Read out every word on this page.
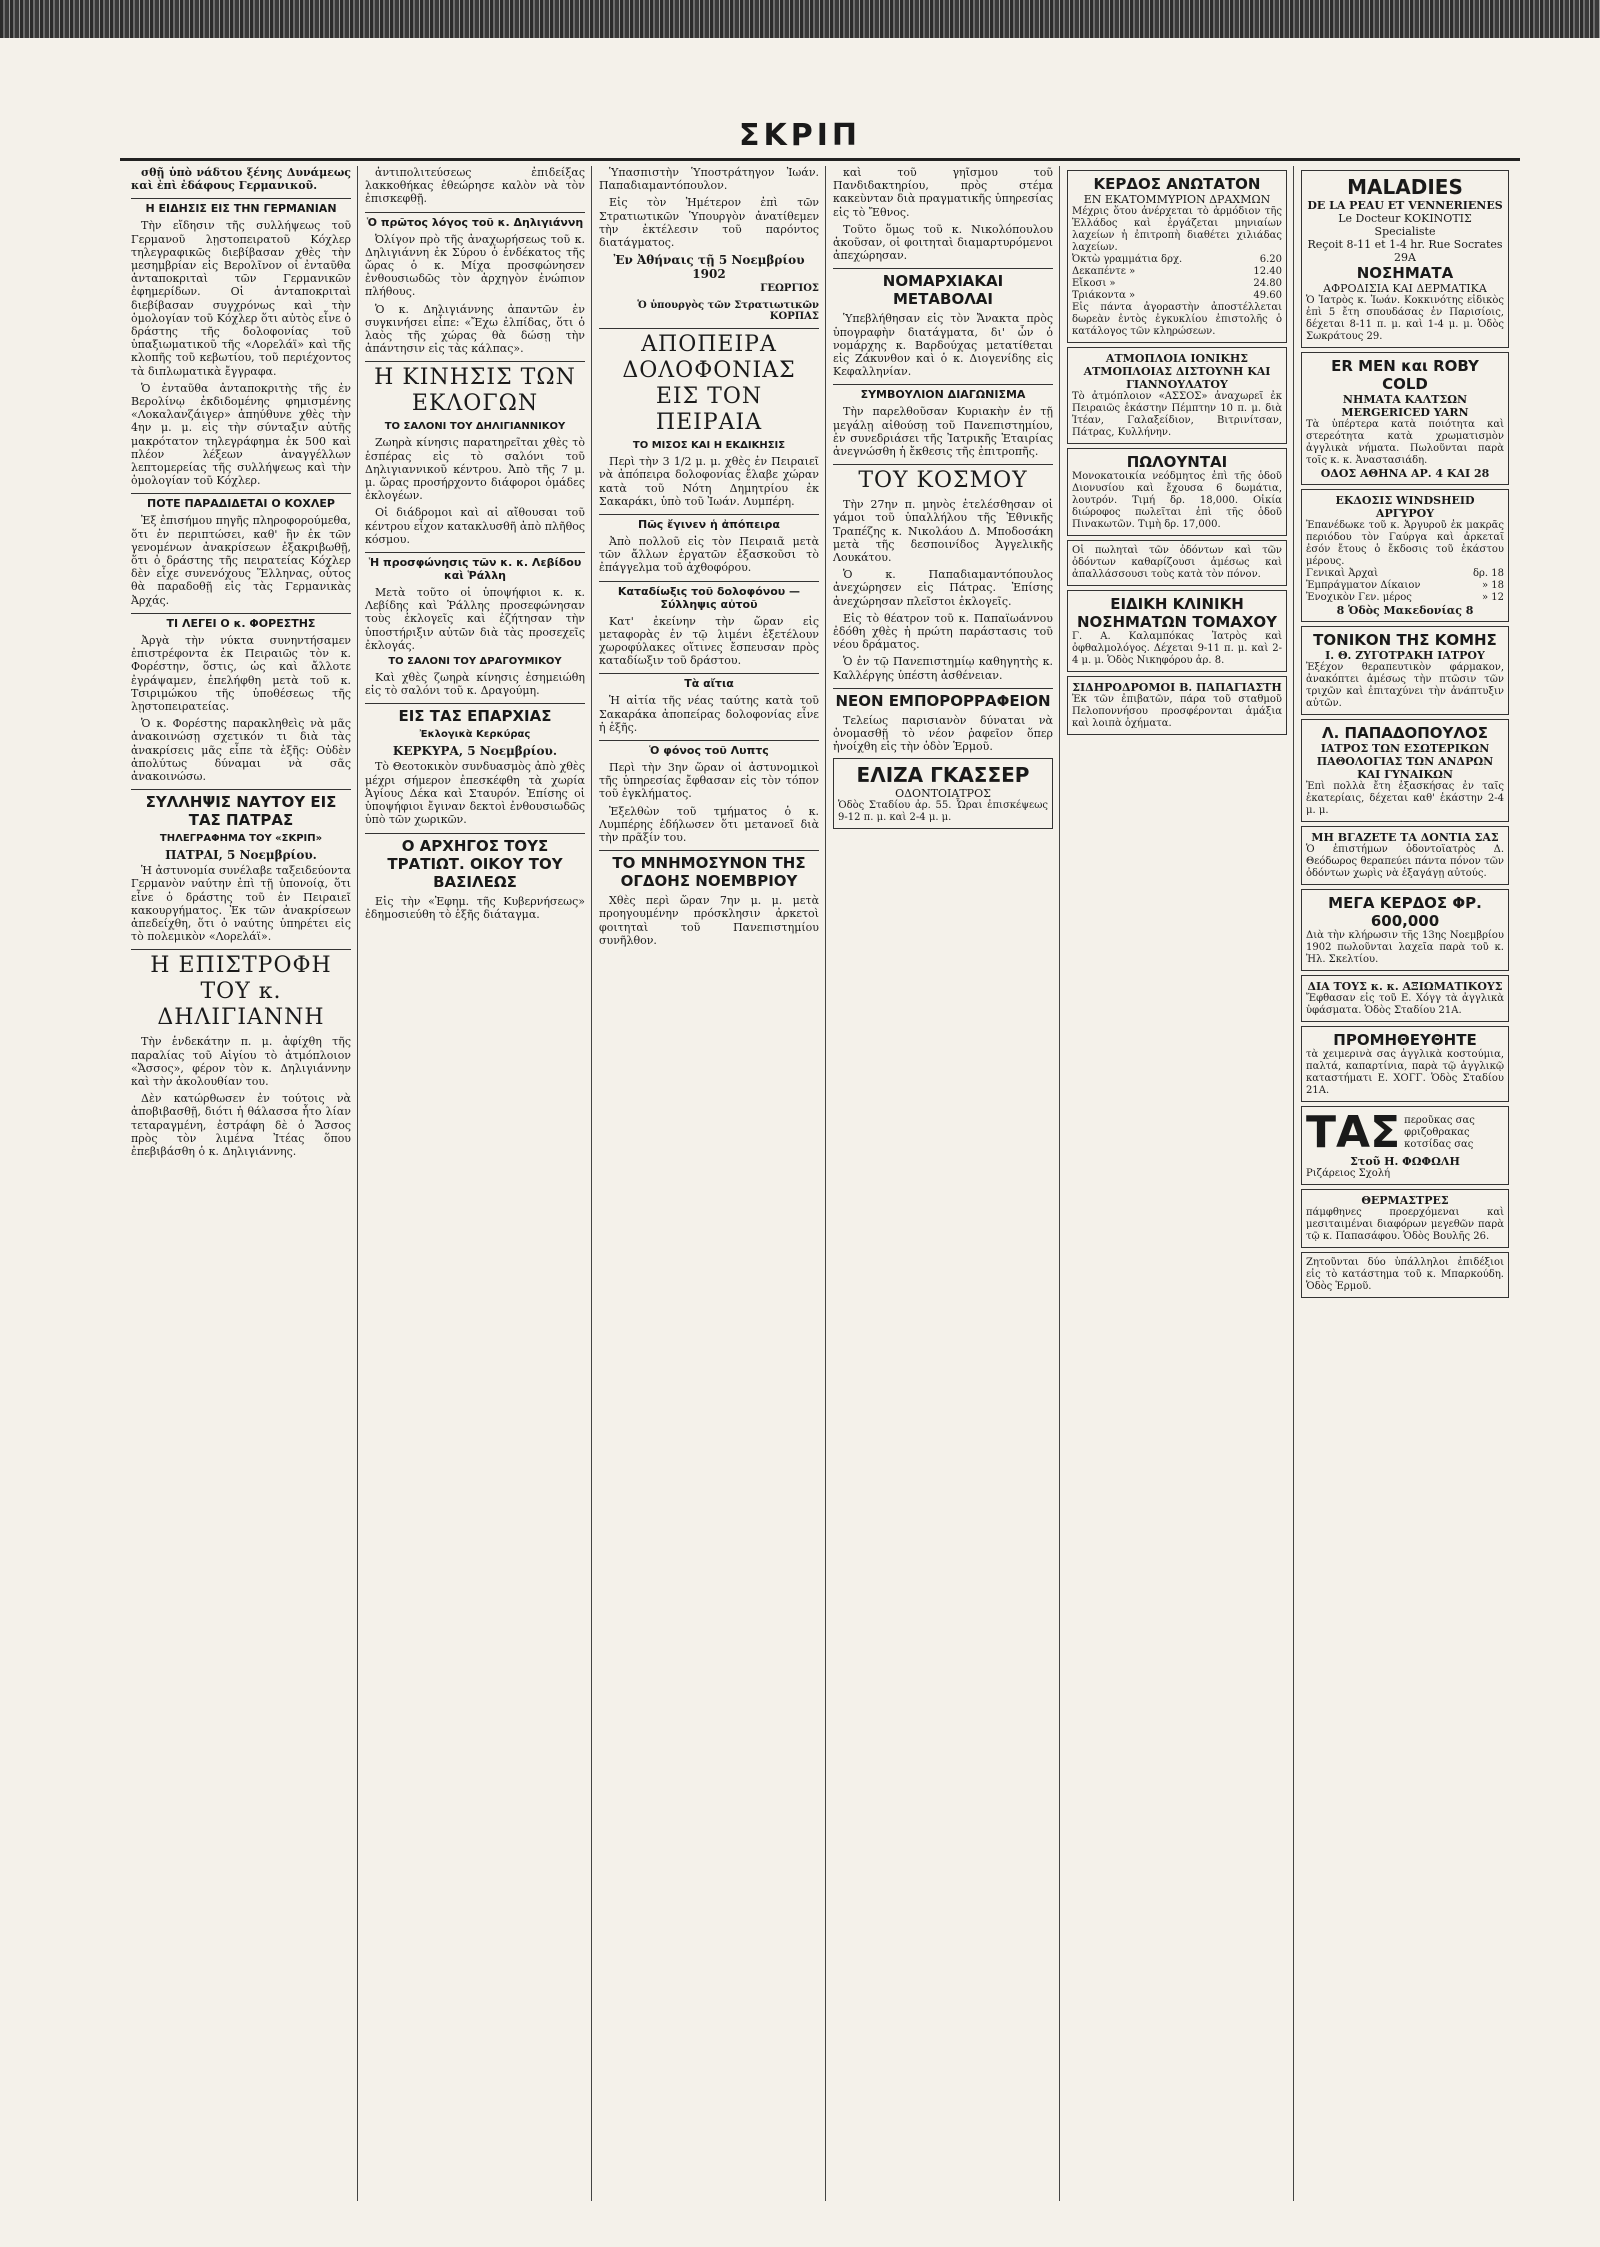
ΣΚΡΙΠ

σθῇ ὑπὸ νάδτου ξένης Δυνάμεως καὶ ἐπὶ ἐδάφους Γερμανικοῦ.

Η ΕΙΔΗΣΙΣ ΕΙΣ ΤΗΝ ΓΕΡΜΑΝΙΑΝ

Τὴν εἴδησιν τῆς συλλήψεως τοῦ Γερμανοῦ λῃστοπειρατοῦ Κόχλερ τηλεγραφικῶς διεβίβασαν χθὲς τὴν μεσημβρίαν εἰς Βερολῖνον οἱ ἐνταῦθα ἀνταποκριταὶ τῶν Γερμανικῶν ἐφημερίδων. Οἱ ἀνταποκριταὶ διεβίβασαν συγχρόνως καὶ τὴν ὁμολογίαν τοῦ Κόχλερ ὅτι αὐτὸς εἶνε ὁ δράστης τῆς δολοφονίας τοῦ ὑπαξιωματικοῦ τῆς «Λορελάϊ» καὶ τῆς κλοπῆς τοῦ κεβωτίου, τοῦ περιέχοντος τὰ διπλωματικὰ ἔγγραφα.

Ὁ ἐνταῦθα ἀνταποκριτὴς τῆς ἐν Βερολίνῳ ἐκδιδομένης φημισμένης «Λοκαλανζάιγερ» ἀπηύθυνε χθὲς τὴν 4ην μ. μ. εἰς τὴν σύνταξιν αὐτῆς μακρότατον τηλεγράφημα ἐκ 500 καὶ πλέον λέξεων ἀναγγέλλων λεπτομερείας τῆς συλλήψεως καὶ τὴν ὁμολογίαν τοῦ Κόχλερ.

ΠΟΤΕ ΠΑΡΑΔΙΔΕΤΑΙ Ο ΚΟΧΛΕΡ

Ἐξ ἐπισήμου πηγῆς πληροφορούμεθα, ὅτι ἐν περιπτώσει, καθ' ἣν ἐκ τῶν γενομένων ἀνακρίσεων ἐξακριβωθῇ, ὅτι ὁ δράστης τῆς πειρατείας Κόχλερ δὲν εἶχε συνενόχους Ἕλληνας, οὗτος θὰ παραδοθῇ εἰς τὰς Γερμανικὰς Ἀρχάς.

ΤΙ ΛΕΓΕΙ Ο κ. ΦΟΡΕΣΤΗΣ

Ἀργὰ τὴν νύκτα συνηντήσαμεν ἐπιστρέφοντα ἐκ Πειραιῶς τὸν κ. Φορέστην, ὅστις, ὡς καὶ ἄλλοτε ἐγράψαμεν, ἐπελήφθη μετὰ τοῦ κ. Τσιριμώκου τῆς ὑποθέσεως τῆς λῃστοπειρατείας.

Ὁ κ. Φορέστης παρακληθεὶς νὰ μᾶς ἀνακοινώσῃ σχετικόν τι διὰ τὰς ἀνακρίσεις μᾶς εἶπε τὰ ἑξῆς: Οὐδὲν ἀπολύτως δύναμαι νὰ σᾶς ἀνακοινώσω.

ΣΥΛΛΗΨΙΣ ΝΑΥΤΟΥ ΕΙΣ ΤΑΣ ΠΑΤΡΑΣ
ΤΗΛΕΓΡΑΦΗΜΑ ΤΟΥ «ΣΚΡΙΠ»
ΠΑΤΡΑΙ, 5 Νοεμβρίου.

Ἡ ἀστυνομία συνέλαβε ταξειδεύοντα Γερμανὸν ναύτην ἐπὶ τῇ ὑπονοίᾳ, ὅτι εἶνε ὁ δράστης τοῦ ἐν Πειραιεῖ κακουργήματος. Ἐκ τῶν ἀνακρίσεων ἀπεδείχθη, ὅτι ὁ ναύτης ὑπηρέτει εἰς τὸ πολεμικὸν «Λορελάϊ».

Η ΕΠΙΣΤΡΟΦΗ ΤΟΥ κ. ΔΗΛΙΓΙΑΝΝΗ

Τὴν ἑνδεκάτην π. μ. ἀφίχθη τῆς παραλίας τοῦ Αἰγίου τὸ ἀτμόπλοιον «Ἄσσος», φέρον τὸν κ. Δηλιγιάννην καὶ τὴν ἀκολουθίαν του.

Δὲν κατώρθωσεν ἐν τούτοις νὰ ἀποβιβασθῇ, διότι ἡ θάλασσα ἦτο λίαν τεταραγμένη, ἐστράφη δὲ ὁ Ἄσσος πρὸς τὸν λιμένα Ἰτέας ὅπου ἐπεβιβάσθη ὁ κ. Δηλιγιάννης.

ἀντιπολιτεύσεως ἐπιδείξας λακκοθήκας ἐθεώρησε καλὸν νὰ τὸν ἐπισκεφθῇ.

Ὁ πρῶτος λόγος τοῦ κ. Δηλιγιάννη

Ὀλίγον πρὸ τῆς ἀναχωρήσεως τοῦ κ. Δηλιγιάννη ἐκ Σύρου ὁ ἑνδέκατος τῆς ὥρας ὁ κ. Μίχα προσφώνησεν ἐνθουσιωδῶς τὸν ἀρχηγὸν ἐνώπιον πλήθους.

Ὁ κ. Δηλιγιάννης ἀπαντῶν ἐν συγκινήσει εἶπε: «Ἔχω ἐλπίδας, ὅτι ὁ λαὸς τῆς χώρας θὰ δώσῃ τὴν ἀπάντησιν εἰς τὰς κάλπας».

Η ΚΙΝΗΣΙΣ ΤΩΝ ΕΚΛΟΓΩΝ
ΤΟ ΣΑΛΟΝΙ ΤΟΥ ΔΗΛΙΓΙΑΝΝΙΚΟΥ

Ζωηρὰ κίνησις παρατηρεῖται χθὲς τὸ ἑσπέρας εἰς τὸ σαλόνι τοῦ Δηλιγιαννικοῦ κέντρου. Ἀπὸ τῆς 7 μ. μ. ὥρας προσήρχοντο διάφοροι ὁμάδες ἐκλογέων.

Οἱ διάδρομοι καὶ αἱ αἴθουσαι τοῦ κέντρου εἶχον κατακλυσθῆ ἀπὸ πλῆθος κόσμου.

Ἡ προσφώνησις τῶν κ. κ. Λεβίδου καὶ Ῥάλλη

Μετὰ τοῦτο οἱ ὑποψήφιοι κ. κ. Λεβίδης καὶ Ῥάλλης προσεφώνησαν τοὺς ἐκλογεῖς καὶ ἐζήτησαν τὴν ὑποστήριξιν αὐτῶν διὰ τὰς προσεχεῖς ἐκλογάς.

ΤΟ ΣΑΛΟΝΙ ΤΟΥ ΔΡΑΓΟΥΜΙΚΟΥ

Καὶ χθὲς ζωηρὰ κίνησις ἐσημειώθη εἰς τὸ σαλόνι τοῦ κ. Δραγούμη.

ΕΙΣ ΤΑΣ ΕΠΑΡΧΙΑΣ
Ἐκλογικὰ Κερκύρας
ΚΕΡΚΥΡΑ, 5 Νοεμβρίου.

Τὸ Θεοτοκικὸν συνδυασμὸς ἀπὸ χθὲς μέχρι σήμερον ἐπεσκέφθη τὰ χωρία Ἁγίους Δέκα καὶ Σταυρόν. Ἐπίσης οἱ ὑποψήφιοι ἔγιναν δεκτοὶ ἐνθουσιωδῶς ὑπὸ τῶν χωρικῶν.

Ο ΑΡΧΗΓΟΣ ΤΟΥΣ ΤΡΑΤΙΩΤ. ΟΙΚΟΥ ΤΟΥ ΒΑΣΙΛΕΩΣ

Εἰς τὴν «Ἐφημ. τῆς Κυβερνήσεως» ἐδημοσιεύθη τὸ ἑξῆς διάταγμα.

Ὑπασπιστὴν Ὑποστράτηγον Ἰωάν. Παπαδιαμαντόπουλον.

Εἰς τὸν Ἡμέτερον ἐπὶ τῶν Στρατιωτικῶν Ὑπουργὸν ἀνατίθεμεν τὴν ἐκτέλεσιν τοῦ παρόντος διατάγματος.

Ἐν Ἀθήναις τῇ 5 Νοεμβρίου 1902
ΓΕΩΡΓΙΟΣ
Ὁ ὑπουργὸς τῶν Στρατιωτικῶν ΚΟΡΠΑΣ
ΑΠΟΠΕΙΡΑ ΔΟΛΟΦΟΝΙΑΣ ΕΙΣ ΤΟΝ ΠΕΙΡΑΙΑ
ΤΟ ΜΙΣΟΣ ΚΑΙ Η ΕΚΔΙΚΗΣΙΣ

Περὶ τὴν 3 1/2 μ. μ. χθὲς ἐν Πειραιεῖ νὰ ἀπόπειρα δολοφονίας ἔλαβε χώραν κατὰ τοῦ Νότη Δημητρίου ἐκ Σακαράκι, ὑπὸ τοῦ Ἰωάν. Λυμπέρη.

Πῶς ἔγινεν ἡ ἀπόπειρα

Ἀπὸ πολλοῦ εἰς τὸν Πειραιᾶ μετὰ τῶν ἄλλων ἐργατῶν ἐξασκοῦσι τὸ ἐπάγγελμα τοῦ ἀχθοφόρου.

Καταδίωξις τοῦ δολοφόνου — Σύλληψις αὐτοῦ

Κατ' ἐκείνην τὴν ὥραν εἰς μεταφορὰς ἐν τῷ λιμένι ἐξετέλουν χωροφύλακες οἵτινες ἔσπευσαν πρὸς καταδίωξιν τοῦ δράστου.

Τὰ αἴτια

Ἡ αἰτία τῆς νέας ταύτης κατὰ τοῦ Σακαράκα ἀποπείρας δολοφονίας εἶνε ἡ ἑξῆς.

Ὁ φόνος τοῦ Λυπτς

Περὶ τὴν 3ην ὥραν οἱ ἀστυνομικοὶ τῆς ὑπηρεσίας ἔφθασαν εἰς τὸν τόπον τοῦ ἐγκλήματος.

Ἐξελθὼν τοῦ τμήματος ὁ κ. Λυμπέρης ἐδήλωσεν ὅτι μετανοεῖ διὰ τὴν πρᾶξίν του.

ΤΟ ΜΝΗΜΟΣΥΝΟΝ ΤΗΣ ΟΓΔΟΗΣ ΝΟΕΜΒΡΙΟΥ

Χθὲς περὶ ὥραν 7ην μ. μ. μετὰ προηγουμένην πρόσκλησιν ἀρκετοὶ φοιτηταὶ τοῦ Πανεπιστημίου συνῆλθον.

καὶ τοῦ γηῖσμου τοῦ Πανδιδακτηρίου, πρὸς στέμα κακεὺνταν διὰ πραγματικῆς ὑπηρεσίας εἰς τὸ Ἔθνος.

Τοῦτο ὅμως τοῦ κ. Νικολόπουλου ἀκοῦσαν, οἱ φοιτηταὶ διαμαρτυρόμενοι ἀπεχώρησαν.

ΝΟΜΑΡΧΙΑΚΑΙ ΜΕΤΑΒΟΛΑΙ

Ὑπεβλήθησαν εἰς τὸν Ἄνακτα πρὸς ὑπογραφὴν διατάγματα, δι' ὧν ὁ νομάρχης κ. Βαρδούχας μετατίθεται εἰς Ζάκυνθον καὶ ὁ κ. Διογενίδης εἰς Κεφαλληνίαν.

ΣΥΜΒΟΥΛΙΟΝ ΔΙΑΓΩΝΙΣΜΑ

Τὴν παρελθοῦσαν Κυριακὴν ἐν τῇ μεγάλῃ αἰθούσῃ τοῦ Πανεπιστημίου, ἐν συνεδριάσει τῆς Ἰατρικῆς Ἑταιρίας ἀνεγνώσθη ἡ ἔκθεσις τῆς ἐπιτροπῆς.

ΤΟΥ ΚΟΣΜΟΥ

Τὴν 27ην π. μηνὸς ἐτελέσθησαν οἱ γάμοι τοῦ ὑπαλλήλου τῆς Ἐθνικῆς Τραπέζης κ. Νικολάου Δ. Μποδοσάκη μετὰ τῆς δεσποινίδος Ἀγγελικῆς Λουκάτου.

Ὁ κ. Παπαδιαμαντόπουλος ἀνεχώρησεν εἰς Πάτρας. Ἐπίσης ἀνεχώρησαν πλεῖστοι ἐκλογεῖς.

Εἰς τὸ θέατρον τοῦ κ. Παπαϊωάννου ἐδόθη χθὲς ἡ πρώτη παράστασις τοῦ νέου δράματος.

Ὁ ἐν τῷ Πανεπιστημίῳ καθηγητὴς κ. Καλλέργης ὑπέστη ἀσθένειαν.

ΝΕΟΝ ΕΜΠΟΡΟΡΡΑΦΕΙΟΝ

Τελείως παρισιανὸν δύναται νὰ ὀνομασθῇ τὸ νέον ῥαφεῖον ὅπερ ἠνοίχθη εἰς τὴν ὁδὸν Ἑρμοῦ.

ΕΛΙΖΑ ΓΚΑΣΣΕΡ
ΟΔΟΝΤΟΙΑΤΡΟΣ
Ὁδὸς Σταδίου ἀρ. 55. Ὧραι ἐπισκέψεως 9-12 π. μ. καὶ 2-4 μ. μ.
ΚΕΡΔΟΣ ΑΝΩΤΑΤΟΝ
ΕΝ ΕΚΑΤΟΜΜΥΡΙΟΝ ΔΡΑΧΜΩΝ
Μέχρις ὅτου ἀνέρχεται τὸ ἀρμόδιον τῆς Ἑλλάδος καὶ ἐργάζεται μηνιαίων λαχείων ἡ ἐπιτροπὴ διαθέτει χιλιάδας λαχείων.
Ὀκτὼ γραμμάτια δρχ.	6.20
Δεκαπέντε »	12.40
Εἴκοσι »	24.80
Τριάκοντα »	49.60
Εἰς πάντα ἀγοραστὴν ἀποστέλλεται δωρεὰν ἐντὸς ἐγκυκλίου ἐπιστολῆς ὁ κατάλογος τῶν κληρώσεων.
ΑΤΜΟΠΛΟΙΑ ΙΟΝΙΚΗΣ ΑΤΜΟΠΛΟΙΑΣ ΔΙΣΤΟΥΝΗ ΚΑΙ ΓΙΑΝΝΟΥΛΑΤΟΥ
Τὸ ἀτμόπλοιον «ΑΣΣΟΣ» ἀναχωρεῖ ἐκ Πειραιῶς ἑκάστην Πέμπτην 10 π. μ. διὰ Ἰτέαν, Γαλαξείδιον, Βιτρινίτσαν, Πάτρας, Κυλλήνην.
ΠΩΛΟΥΝΤΑΙ
Μονοκατοικία νεόδμητος ἐπὶ τῆς ὁδοῦ Διονυσίου καὶ ἔχουσα 6 δωμάτια, λουτρόν. Τιμή δρ. 18,000. Οἰκία διώροφος πωλεῖται ἐπὶ τῆς ὁδοῦ Πινακωτῶν. Τιμὴ δρ. 17,000.
Οἱ πωληταὶ τῶν ὀδόντων καὶ τῶν ὀδόντων καθαρίζουσι ἀμέσως καὶ ἀπαλλάσσουσι τοὺς κατὰ τὸν πόνον.
ΕΙΔΙΚΗ ΚΛΙΝΙΚΗ ΝΟΣΗΜΑΤΩΝ ΤΟΜΑΧΟΥ
Γ. Α. Καλαμπόκας Ἰατρὸς καὶ ὀφθαλμολόγος. Δέχεται 9-11 π. μ. καὶ 2-4 μ. μ. Ὁδὸς Νικηφόρου ἀρ. 8.
ΣΙΔΗΡΟΔΡΟΜΟΙ Β. ΠΑΠΑΓΙΑΣΤΗ
Ἐκ τῶν ἐπιβατῶν, πάρα τοῦ σταθμοῦ Πελοποννήσου προσφέρονται ἁμάξια καὶ λοιπὰ ὀχήματα.
MALADIES
DE LA PEAU ET VENNERIENES
Le Docteur ΚΟΚΙΝΟΤΙΣ Specialiste
Reçoit 8-11 et 1-4 hr. Rue Socrates 29A
ΝΟΣΗΜΑΤΑ
ΑΦΡΟΔΙΣΙΑ ΚΑΙ ΔΕΡΜΑΤΙΚΑ
Ὁ Ἰατρὸς κ. Ἰωάν. Κοκκινότης εἰδικὸς ἐπὶ 5 ἔτη σπουδάσας ἐν Παρισίοις, δέχεται 8-11 π. μ. καὶ 1-4 μ. μ. Ὁδὸς Σωκράτους 29.
ER MEN και ROBY COLD
ΝΗΜΑΤΑ ΚΑΛΤΣΩΝ MERGERICED YARN
Τὰ ὑπέρτερα κατὰ ποιότητα καὶ στερεότητα κατὰ χρωματισμὸν ἀγγλικὰ νήματα. Πωλοῦνται παρὰ τοῖς κ. κ. Ἀναστασιάδη.
ΟΔΟΣ ΑΘΗΝΑ ΑΡ. 4 ΚΑΙ 28
ΕΚΔΟΣΙΣ WINDSHEID ΑΡΓΥΡΟΥ
Ἐπανέδωκε τοῦ κ. Ἀργυροῦ ἐκ μακρᾶς περιόδου τὸν Γαύργα καὶ ἀρκεταῖ ἐσόν ἔτους ὁ ἔκδοσις τοῦ ἑκάστου μέρους.
Γενικαὶ Ἀρχαὶ	δρ. 18
Ἐμπράγματον Δίκαιον	» 18
Ἐνοχικὸν Γεν. μέρος	» 12
8 Ὁδὸς Μακεδονίας 8
ΤΟΝΙΚΟΝ ΤΗΣ ΚΟΜΗΣ
Ι. Θ. ΖΥΓΟΤΡΑΚΗ ΙΑΤΡΟΥ
Ἐξέχον θεραπευτικὸν φάρμακον, ἀνακόπτει ἀμέσως τὴν πτῶσιν τῶν τριχῶν καὶ ἐπιταχύνει τὴν ἀνάπτυξιν αὐτῶν.
Λ. ΠΑΠΑΔΟΠΟΥΛΟΣ
ΙΑΤΡΟΣ ΤΩΝ ΕΣΩΤΕΡΙΚΩΝ ΠΑΘΟΛΟΓΙΑΣ ΤΩΝ ΑΝΔΡΩΝ ΚΑΙ ΓΥΝΑΙΚΩΝ
Ἐπὶ πολλὰ ἔτη ἐξασκήσας ἐν ταῖς ἐκατερίαις, δέχεται καθ' ἑκάστην 2-4 μ. μ.
ΜΗ ΒΓΑΖΕΤΕ ΤΑ ΔΟΝΤΙΑ ΣΑΣ
Ὁ ἐπιστήμων ὀδοντοϊατρὸς Δ. Θεόδωρος θεραπεύει πάντα πόνον τῶν ὀδόντων χωρὶς νὰ ἐξαγάγῃ αὐτούς.
ΜΕΓΑ ΚΕΡΔΟΣ ΦΡ. 600,000
Διὰ τὴν κλήρωσιν τῆς 13ης Νοεμβρίου 1902 πωλοῦνται λαχεῖα παρὰ τοῦ κ. Ἠλ. Σκελτίου.
ΔΙΑ ΤΟΥΣ κ. κ. ΑΞΙΩΜΑΤΙΚΟΥΣ
Ἔφθασαν εἰς τοῦ Ε. Χόγγ τὰ ἀγγλικὰ ὑφάσματα. Ὁδὸς Σταδίου 21Α.
ΠΡΟΜΗΘΕΥΘΗΤΕ
τὰ χειμερινὰ σας ἀγγλικὰ κοστούμια, παλτά, καπαρτίνια, παρὰ τῷ ἀγγλικῷ καταστήματι Ε. ΧΟΓΓ. Ὁδὸς Σταδίου 21Α.
ΤΑΣ περοῦκας σας
φριζοθρακας
κοτσίδας σας
Στοῦ Η. ΦΩΦΩΛΗ
Ριζάρειος Σχολή
ΘΕΡΜΑΣΤΡΕΣ
πάμφθηνες προερχόμεναι καὶ μεσιταιμέναι διαφόρων μεγεθῶν παρὰ τῷ κ. Παπασάφου. Ὁδὸς Βουλῆς 26.
Ζητοῦνται δύο ὑπάλληλοι ἐπιδέξιοι εἰς τὸ κατάστημα τοῦ κ. Μπαρκούδη. Ὁδὸς Ἑρμοῦ.
